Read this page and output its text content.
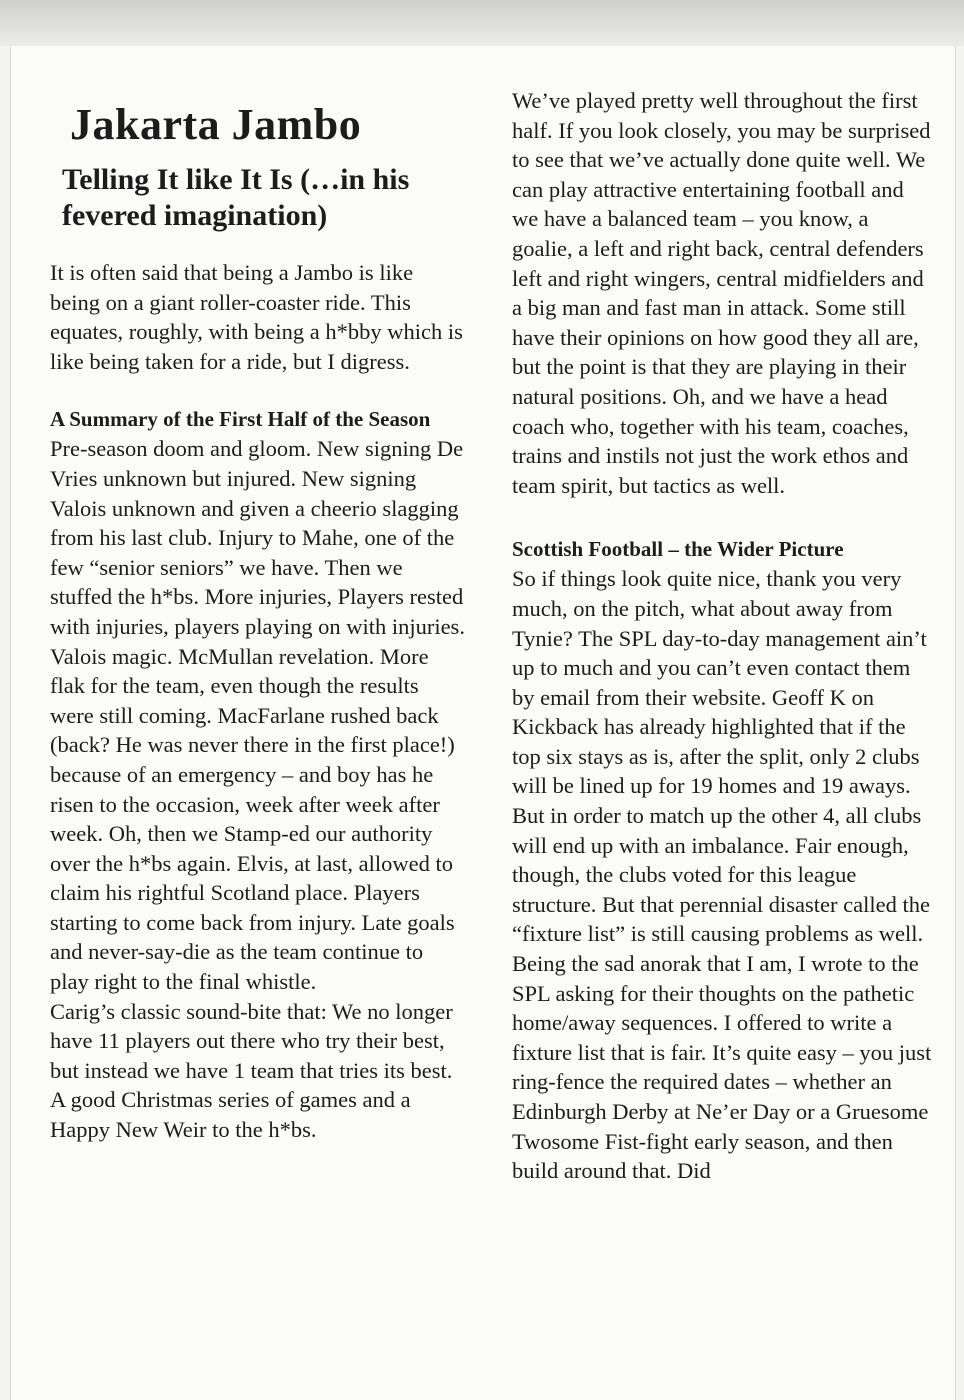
Jakarta Jambo
Telling It like It Is (…in his fevered imagination)

It is often said that being a Jambo is like being on a giant roller-coaster ride. This equates, roughly, with being a h*bby which is like being taken for a ride, but I digress.

A Summary of the First Half of the Season

Pre-season doom and gloom. New signing De Vries unknown but injured. New signing Valois unknown and given a cheerio slagging from his last club. Injury to Mahe, one of the few “senior seniors” we have. Then we stuffed the h*bs. More injuries, Players rested with injuries, players playing on with injuries. Valois magic. McMullan revelation. More flak for the team, even though the results were still coming. MacFarlane rushed back (back? He was never there in the first place!) because of an emergency – and boy has he risen to the occasion, week after week after week. Oh, then we Stamp-ed our authority over the h*bs again. Elvis, at last, allowed to claim his rightful Scotland place. Players starting to come back from injury. Late goals and never-say-die as the team continue to play right to the final whistle.
Carig’s classic sound-bite that: We no longer have 11 players out there who try their best, but instead we have 1 team that tries its best. A good Christmas series of games and a Happy New Weir to the h*bs.

We’ve played pretty well throughout the first half. If you look closely, you may be surprised to see that we’ve actually done quite well. We can play attractive entertaining football and we have a balanced team – you know, a goalie, a left and right back, central defenders left and right wingers, central midfielders and a big man and fast man in attack. Some still have their opinions on how good they all are, but the point is that they are playing in their natural positions. Oh, and we have a head coach who, together with his team, coaches, trains and instils not just the work ethos and team spirit, but tactics as well.

Scottish Football – the Wider Picture

So if things look quite nice, thank you very much, on the pitch, what about away from Tynie? The SPL day-to-day management ain’t up to much and you can’t even contact them by email from their website. Geoff K on Kickback has already highlighted that if the top six stays as is, after the split, only 2 clubs will be lined up for 19 homes and 19 aways. But in order to match up the other 4, all clubs will end up with an imbalance. Fair enough, though, the clubs voted for this league structure. But that perennial disaster called the “fixture list” is still causing problems as well. Being the sad anorak that I am, I wrote to the SPL asking for their thoughts on the pathetic home/away sequences. I offered to write a fixture list that is fair. It’s quite easy – you just ring-fence the required dates – whether an Edinburgh Derby at Ne’er Day or a Gruesome Twosome Fist-fight early season, and then build around that. Did
